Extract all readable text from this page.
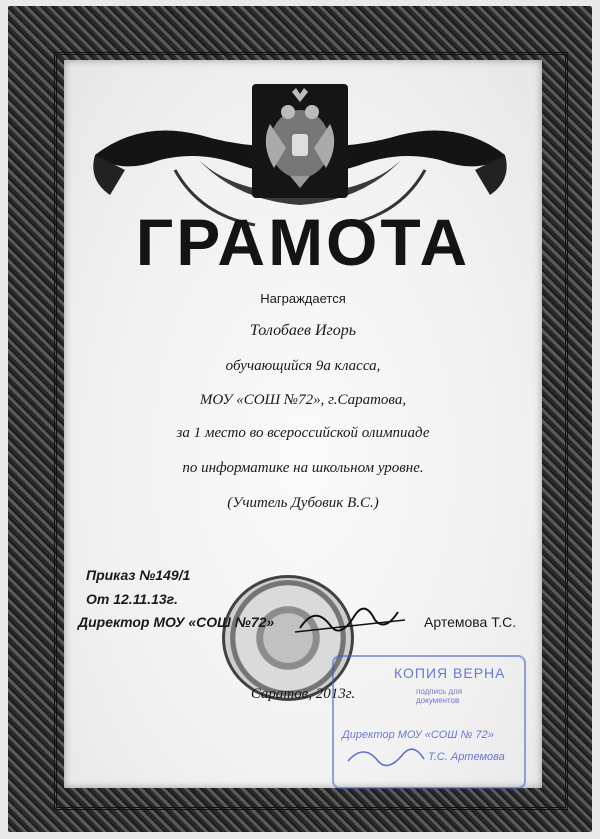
ГРАМОТА
Награждается
Толобаев Игорь
обучающийся 9а класса,
МОУ «СОШ №72», г.Саратова,
за 1 место во всероссийской олимпиаде
по информатике на школьном уровне.
(Учитель Дубовик В.С.)
Приказ №149/1
От 12.11.13г.
Директор МОУ «СОШ №72»	Артемова Т.С.
Саратов, 2013г.
КОПИЯ ВЕРНА
подпись для документов
Директор МОУ «СОШ № 72»
Т.С. Артемова
